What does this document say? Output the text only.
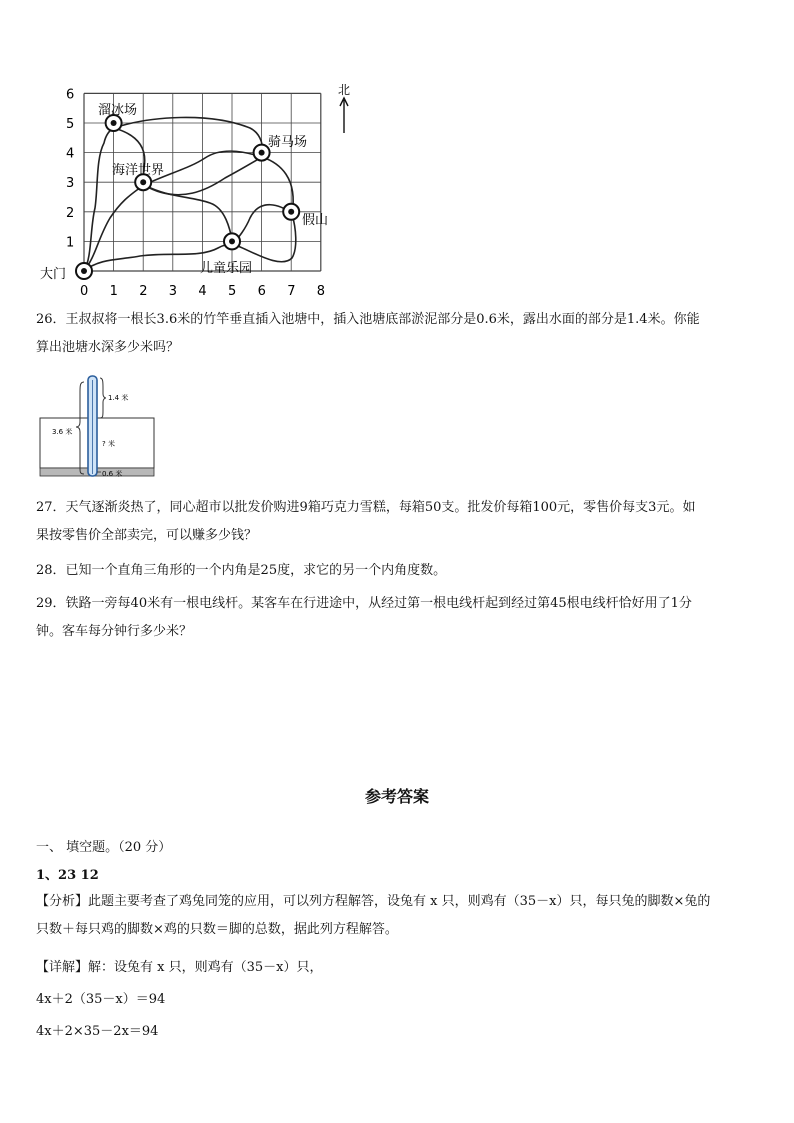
1
2
3
4
5
6
0 1 2 3 4 5 6 7 8
溜冰场
骑马场
海洋世界
假山
儿童乐园
大门
北
26．王叔叔将一根长3.6米的竹竿垂直插入池塘中，插入池塘底部淤泥部分是0.6米，露出水面的部分是1.4米。你能
算出池塘水深多少米吗？
3.6 米
1.4 米
? 米
0.6 米
27．天气逐渐炎热了，同心超市以批发价购进9箱巧克力雪糕，每箱50支。批发价每箱100元，零售价每支3元。如
果按零售价全部卖完，可以赚多少钱？
28．已知一个直角三角形的一个内角是25度，求它的另一个内角度数。
29．铁路一旁每40米有一根电线杆。某客车在行进途中，从经过第一根电线杆起到经过第45根电线杆恰好用了1分
钟。客车每分钟行多少米？
参考答案
一、 填空题。（20 分）
1、23 12
【分析】此题主要考查了鸡兔同笼的应用，可以列方程解答，设兔有 x 只，则鸡有（35－x）只，每只兔的脚数×兔的
只数＋每只鸡的脚数×鸡的只数＝脚的总数，据此列方程解答。
【详解】解：设兔有 x 只，则鸡有（35－x）只，
4x＋2（35－x）＝94
4x＋2×35－2x＝94
